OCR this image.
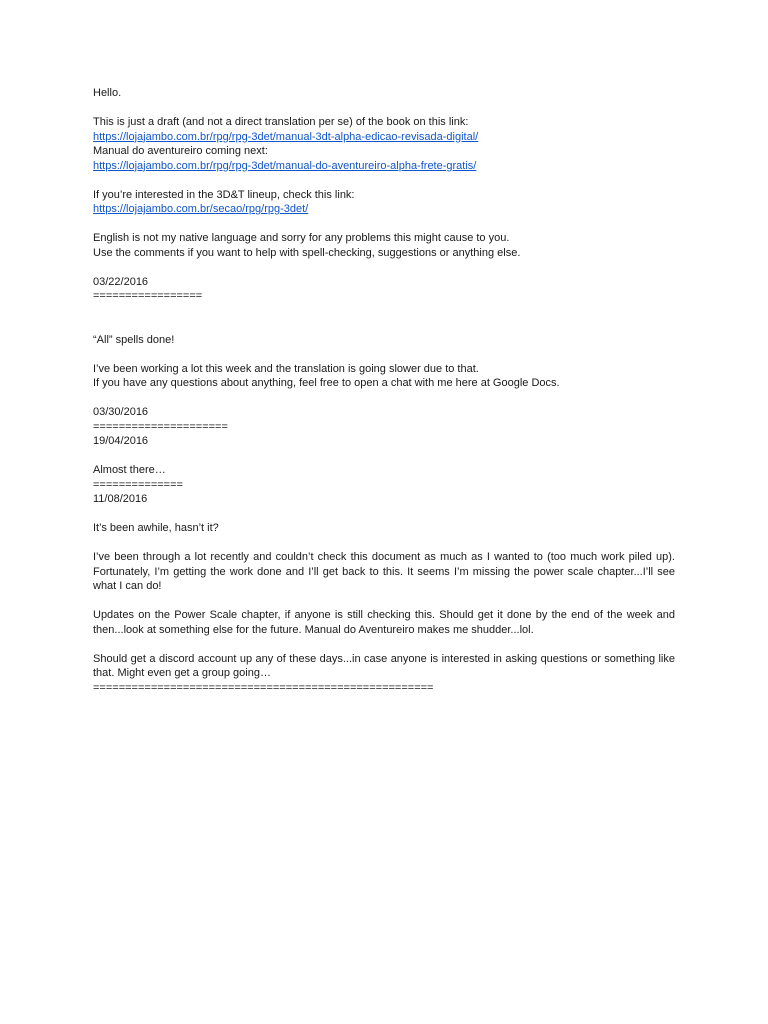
Hello.
This is just a draft (and not a direct translation per se) of the book on this link:
https://lojajambo.com.br/rpg/rpg-3det/manual-3dt-alpha-edicao-revisada-digital/
Manual do aventureiro coming next:
https://lojajambo.com.br/rpg/rpg-3det/manual-do-aventureiro-alpha-frete-gratis/
If you’re interested in the 3D&T lineup, check this link:
https://lojajambo.com.br/secao/rpg/rpg-3det/
English is not my native language and sorry for any problems this might cause to you.
Use the comments if you want to help with spell-checking, suggestions or anything else.
03/22/2016
=================
“All” spells done!
I’ve been working a lot this week and the translation is going slower due to that.
If you have any questions about anything, feel free to open a chat with me here at Google Docs.
03/30/2016
=====================
19/04/2016
Almost there…
==============
11/08/2016
It’s been awhile, hasn’t it?
I’ve been through a lot recently and couldn’t check this document as much as I wanted to (too much work piled up). Fortunately, I’m getting the work done and I’ll get back to this. It seems I’m missing the power scale chapter...I’ll see what I can do!
Updates on the Power Scale chapter, if anyone is still checking this. Should get it done by the end of the week and then...look at something else for the future. Manual do Aventureiro makes me shudder...lol.
Should get a discord account up any of these days...in case anyone is interested in asking questions or something like that. Might even get a group going…
=====================================================
